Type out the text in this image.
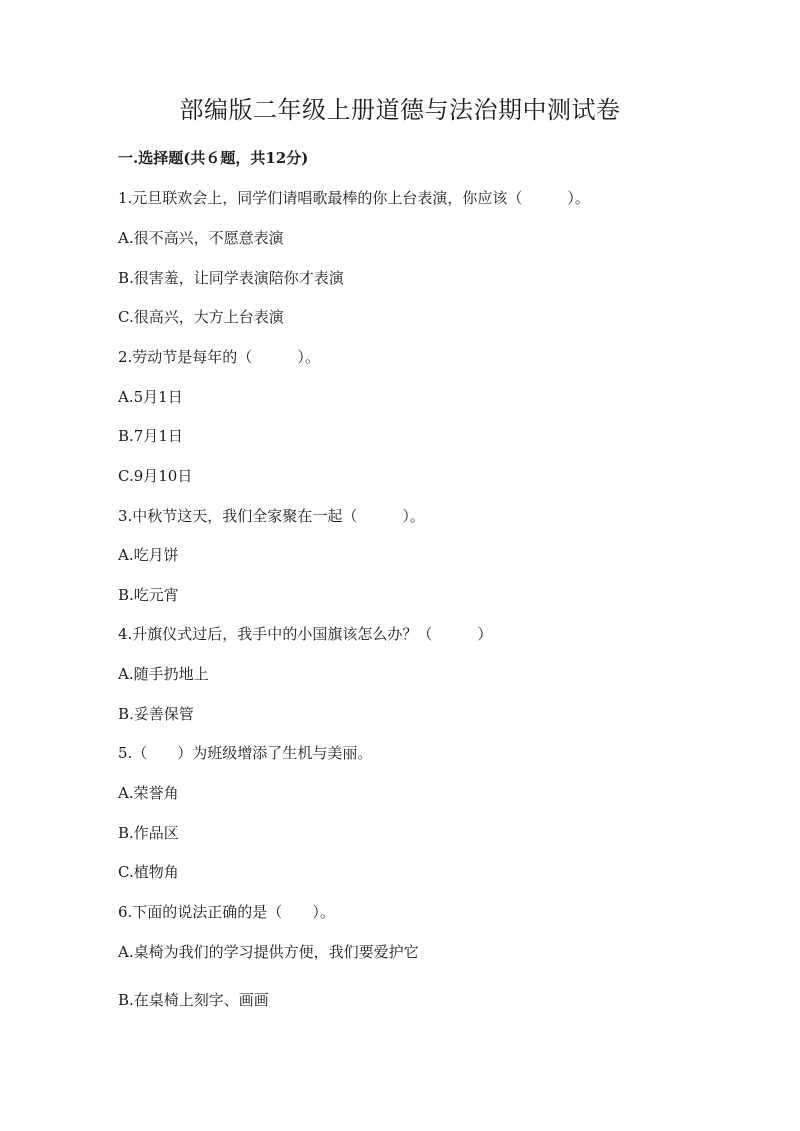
部编版二年级上册道德与法治期中测试卷
一.选择题(共６题，共12分)
1.元旦联欢会上，同学们请唱歌最棒的你上台表演，你应该（　　　）。
A.很不高兴，不愿意表演
B.很害羞，让同学表演陪你才表演
C.很高兴，大方上台表演
2.劳动节是每年的（　　　）。
A.5月1日
B.7月1日
C.9月10日
3.中秋节这天，我们全家聚在一起（　　　）。
A.吃月饼
B.吃元宵
4.升旗仪式过后，我手中的小国旗该怎么办？（　　　）
A.随手扔地上
B.妥善保管
5.（　　）为班级增添了生机与美丽。
A.荣誉角
B.作品区
C.植物角
6.下面的说法正确的是（　　）。
A.桌椅为我们的学习提供方便，我们要爱护它
B.在桌椅上刻字、画画
